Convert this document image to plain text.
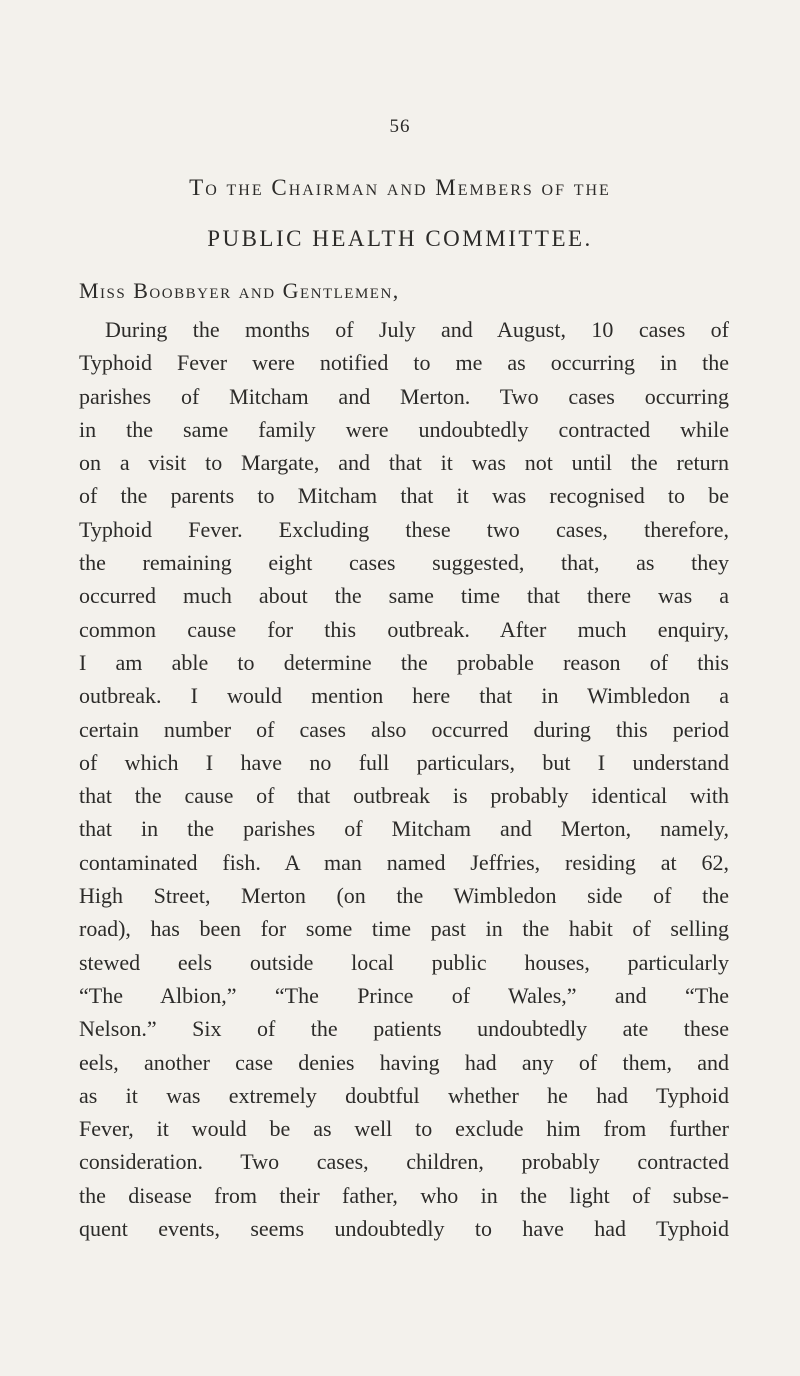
56
To the Chairman and Members of the
PUBLIC HEALTH COMMITTEE.
Miss Boobbyer and Gentlemen,
During the months of July and August, 10 cases of
Typhoid Fever were notified to me as occurring in the
parishes of Mitcham and Merton. Two cases occurring
in the same family were undoubtedly contracted while
on a visit to Margate, and that it was not until the return
of the parents to Mitcham that it was recognised to be
Typhoid Fever. Excluding these two cases, therefore,
the remaining eight cases suggested, that, as they
occurred much about the same time that there was a
common cause for this outbreak. After much enquiry,
I am able to determine the probable reason of this
outbreak. I would mention here that in Wimbledon a
certain number of cases also occurred during this period
of which I have no full particulars, but I understand
that the cause of that outbreak is probably identical with
that in the parishes of Mitcham and Merton, namely,
contaminated fish. A man named Jeffries, residing at 62,
High Street, Merton (on the Wimbledon side of the
road), has been for some time past in the habit of selling
stewed eels outside local public houses, particularly
“The Albion,” “The Prince of Wales,” and “The
Nelson.” Six of the patients undoubtedly ate these
eels, another case denies having had any of them, and
as it was extremely doubtful whether he had Typhoid
Fever, it would be as well to exclude him from further
consideration. Two cases, children, probably contracted
the disease from their father, who in the light of subse-
quent events, seems undoubtedly to have had Typhoid
